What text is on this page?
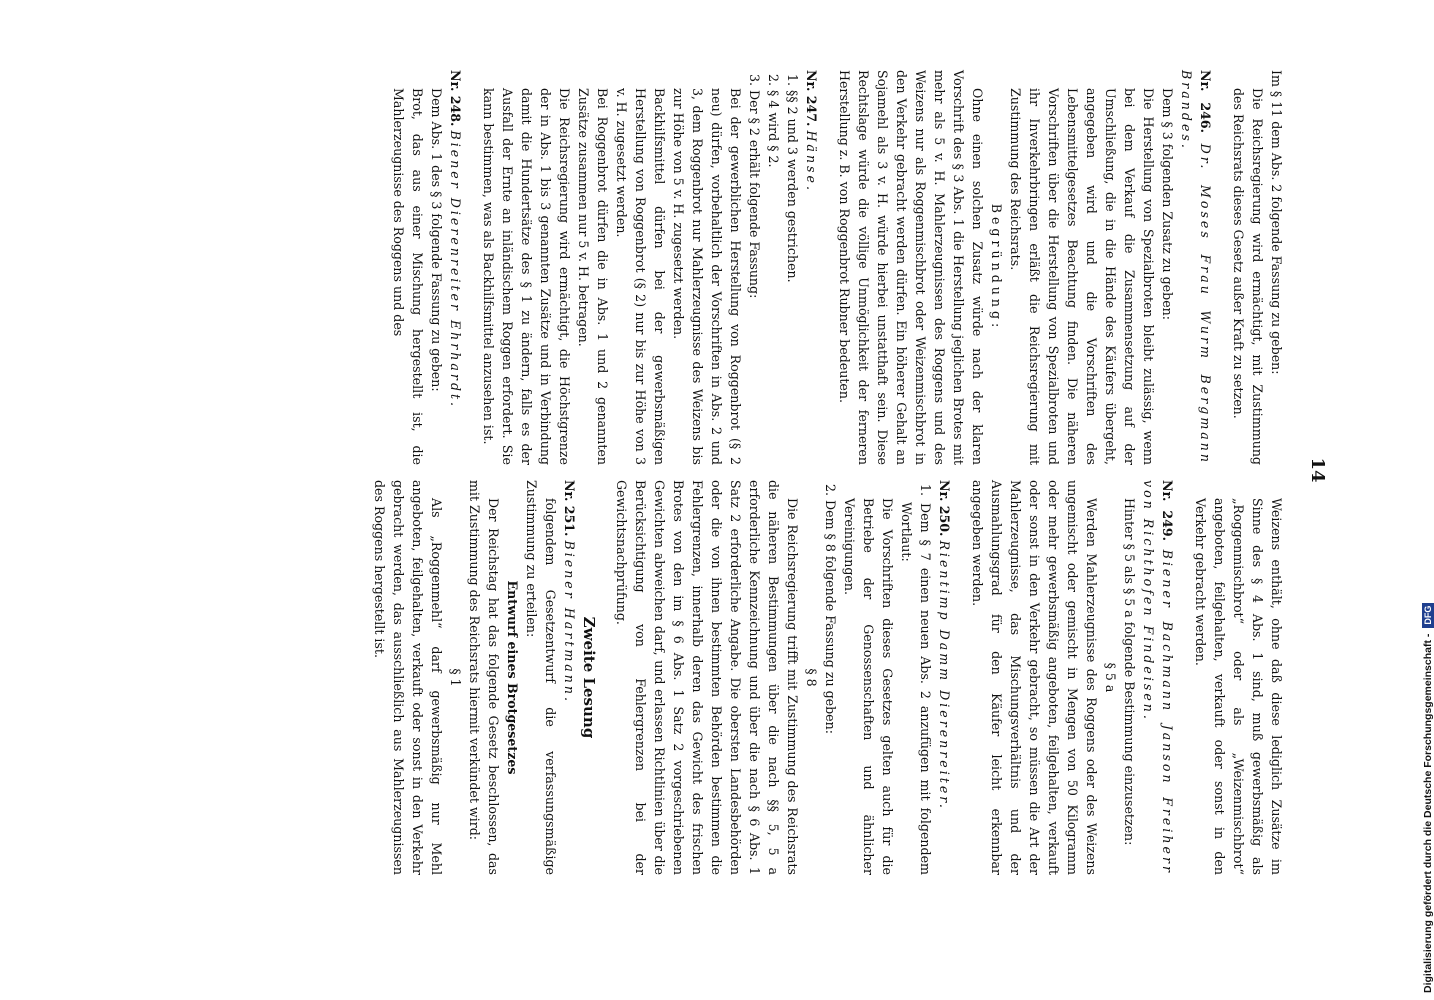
14

Im § 11 dem Abs. 2 folgende Fassung zu geben:

Die Reichsregierung wird ermächtigt, mit Zustimmung des Reichsrats dieses Gesetz außer Kraft zu setzen.

Nr. 246. Dr. Moses Frau Wurm Bergmann Brandes.

Dem § 3 folgenden Zusatz zu geben:

Die Herstellung von Spezialbroten bleibt zulässig, wenn bei dem Verkauf die Zusammensetzung auf der Umschließung, die in die Hände des Käufers übergeht, angegeben wird und die Vorschriften des Lebensmittelgesetzes Beachtung finden. Die näheren Vorschriften über die Herstellung von Spezialbroten und ihr Inverkehrbringen erläßt die Reichsregierung mit Zustimmung des Reichsrats.

Begründung:

Ohne einen solchen Zusatz würde nach der klaren Vorschrift des § 3 Abs. 1 die Herstellung jeglichen Brotes mit mehr als 5 v. H. Mahlerzeugnissen des Roggens und des Weizens nur als Roggenmischbrot oder Weizenmischbrot in den Verkehr gebracht werden dürfen. Ein höherer Gehalt an Sojamehl als 3 v. H. würde hierbei unstatthaft sein. Diese Rechtslage würde die völlige Unmöglichkeit der ferneren Herstellung z. B. von Roggenbrot Rubner bedeuten.

Nr. 247. Hänse.

1. §§ 2 und 3 werden gestrichen.

2. § 4 wird § 2.

3. Der § 2 erhält folgende Fassung:

Bei der gewerblichen Herstellung von Roggenbrot (§ 2 neu) dürfen, vorbehaltlich der Vorschriften in Abs. 2 und 3, dem Roggenbrot nur Mahlerzeugnisse des Weizens bis zur Höhe von 5 v. H. zugesetzt werden.

Backhilfsmittel dürfen bei der gewerbsmäßigen Herstellung von Roggenbrot (§ 2) nur bis zur Höhe von 3 v. H. zugesetzt werden.

Bei Roggenbrot dürfen die in Abs. 1 und 2 genannten Zusätze zusammen nur 5 v. H. betragen.

Die Reichsregierung wird ermächtigt, die Höchstgrenze der in Abs. 1 bis 3 genannten Zusätze und in Verbindung damit die Hundertsätze des § 1 zu ändern, falls es der Ausfall der Ernte an inländischem Roggen erfordert. Sie kann bestimmen, was als Backhilfsmittel anzusehen ist.

Nr. 248. Biener Dierenreiter Ehrhardt.

Dem Abs. 1 des § 3 folgende Fassung zu geben:

Brot, das aus einer Mischung hergestellt ist, die Mahlerzeugnisse des Roggens und des

Weizens enthält, ohne daß diese lediglich Zusätze im Sinne des § 4 Abs. 1 sind, muß gewerbsmäßig als „Roggenmischbrot“ oder als „Weizenmischbrot“ angeboten, feilgehalten, verkauft oder sonst in den Verkehr gebracht werden.

Nr. 249. Biener Bachmann Janson Freiherr von Richthofen Findeisen.

Hinter § 5 als § 5 a folgende Bestimmung einzusetzen:

§ 5 a

Werden Mahlerzeugnisse des Roggens oder des Weizens ungemischt oder gemischt in Mengen von 50 Kilogramm oder mehr gewerbsmäßig angeboten, feilgehalten, verkauft oder sonst in den Verkehr gebracht, so müssen die Art der Mahlerzeugnisse, das Mischungsverhältnis und der Ausmahlungsgrad für den Käufer leicht erkennbar angegeben werden.

Nr. 250. Rientimp Damm Dierenreiter.

1. Dem § 7 einen neuen Abs. 2 anzufügen mit folgendem Wortlaut:

Die Vorschriften dieses Gesetzes gelten auch für die Betriebe der Genossenschaften und ähnlicher Vereinigungen.

2. Dem § 8 folgende Fassung zu geben:

§ 8

Die Reichsregierung trifft mit Zustimmung des Reichsrats die näheren Bestimmungen über die nach §§ 5, 5 a erforderliche Kennzeichnung und über die nach § 6 Abs. 1 Satz 2 erforderliche Angabe. Die obersten Landesbehörden oder die von ihnen bestimmten Behörden bestimmen die Fehlergrenzen, innerhalb deren das Gewicht des frischen Brotes von den im § 6 Abs. 1 Satz 2 vorgeschriebenen Gewichten abweichen darf, und erlassen Richtlinien über die Berücksichtigung von Fehlergrenzen bei der Gewichtsnachprüfung.

Zweite Lesung

Nr. 251. Biener Hartmann.

folgendem Gesetzentwurf die verfassungsmäßige Zustimmung zu erteilen:

Entwurf eines Brotgesetzes

Der Reichstag hat das folgende Gesetz beschlossen, das mit Zustimmung des Reichsrats hiermit verkündet wird:

§ 1

Als „Roggenmehl“ darf gewerbsmäßig nur Mehl angeboten, feilgehalten, verkauft oder sonst in den Verkehr gebracht werden, das ausschließlich aus Mahlerzeugnissen des Roggens hergestellt ist.

Digitalisierung gefördert durch die Deutsche Forschungsgemeinschaft -
DFG
